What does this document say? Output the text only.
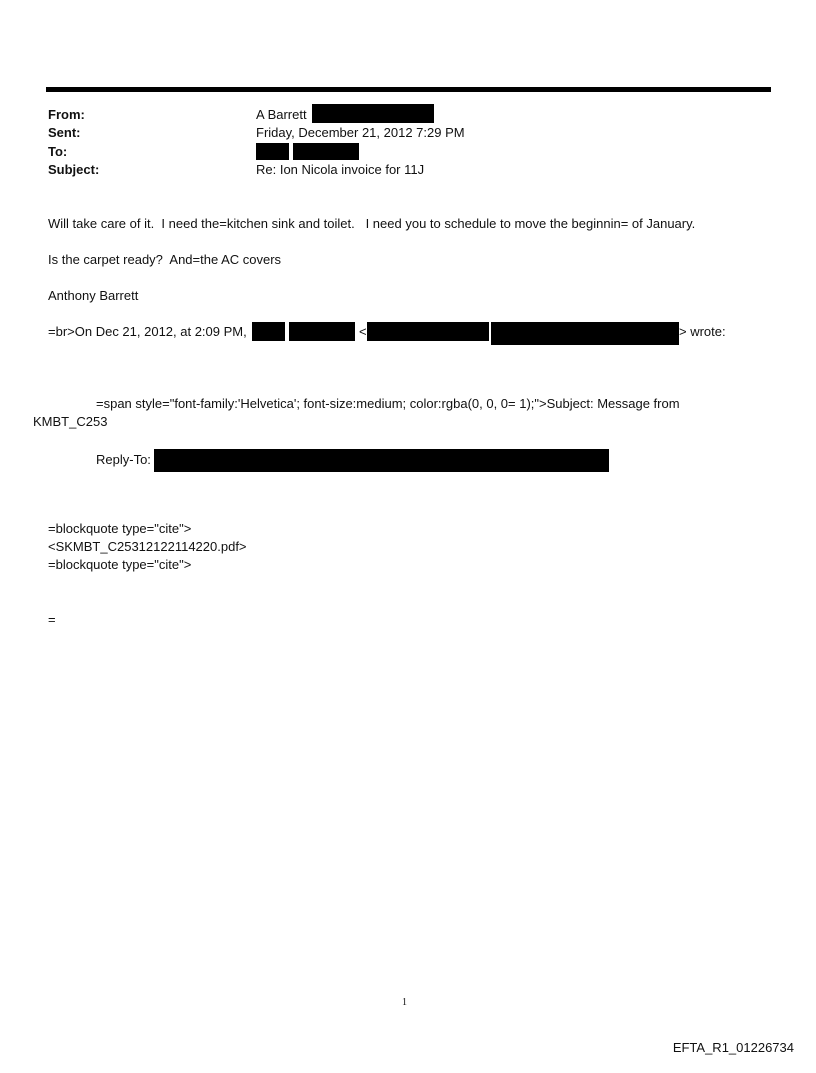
From:	A Barrett
Sent:	Friday, December 21, 2012 7:29 PM
To:
Subject:	Re: Ion Nicola invoice for 11J
Will take care of it.  I need the=kitchen sink and toilet.   I need you to schedule to move the beginnin= of January.
Is the carpet ready?  And=the AC covers
Anthony Barrett
=br>On Dec 21, 2012, at 2:09 PM,	<	> wrote:
=span style="font-family:'Helvetica'; font-size:medium; color:rgba(0, 0, 0= 1);">Subject: Message from
KMBT_C253
Reply-To:
=blockquote type="cite">
<SKMBT_C25312122114220.pdf>
=blockquote type="cite">
=
1
EFTA_R1_01226734
